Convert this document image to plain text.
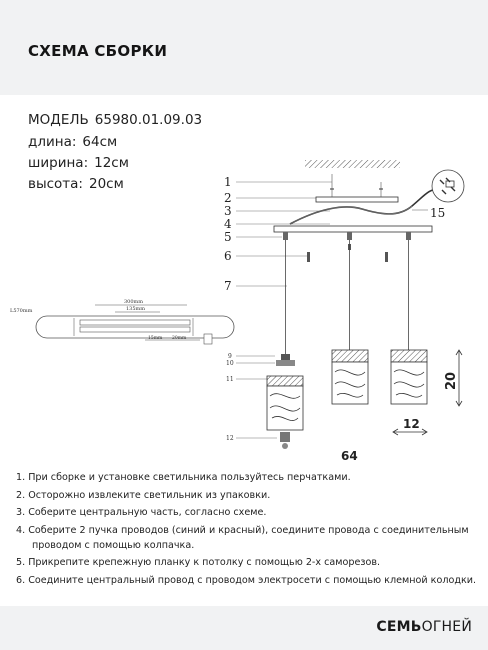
СХЕМА СБОРКИ
МОДЕЛЬ 65980.01.09.03
длина: 64см
ширина: 12см
высота: 20см	1
2
3
4
5
6
7
9
10
11
12
15
20
12
64
300mm
135mm
L570mm
15mm 20mm

1. При сборке и установке светильника пользуйтесь перчатками.

2. Осторожно извлеките светильник из упаковки.

3. Соберите центральную часть, согласно схеме.

4. Соберите 2 пучка проводов (синий и красный), соедините провода с соединительным
проводом с помощью колпачка.

5. Прикрепите крепежную планку к потолку с помощью 2-х саморезов.

6. Соедините центральный провод с проводом электросети с помощью клемной колодки.

СЕМЬОГНЕЙ
